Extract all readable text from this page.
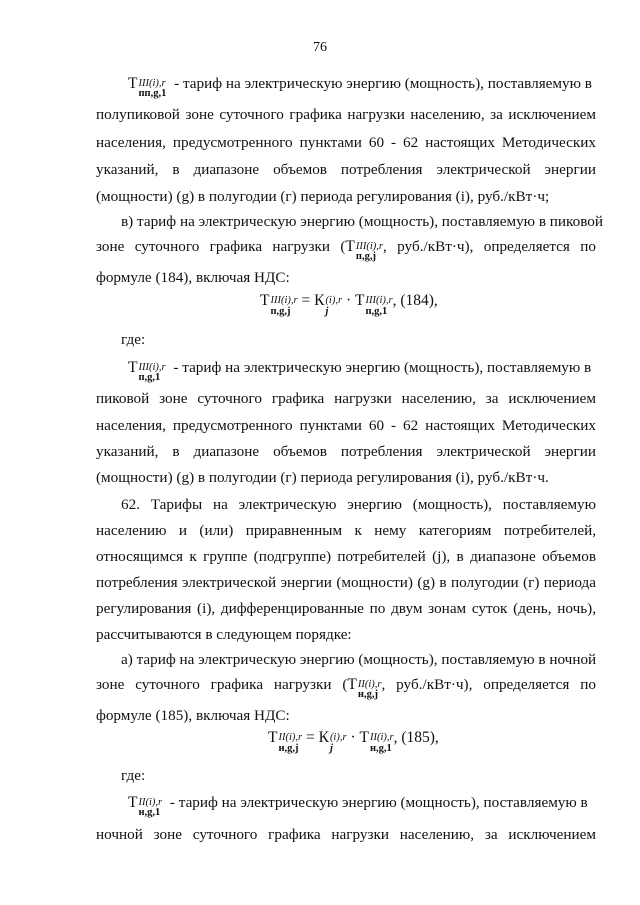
76
Т III(i),r
пп,g,1
- тариф на электрическую энергию (мощность), поставляемую в
полупиковой зоне суточного графика нагрузки населению, за исключением
населения, предусмотренного пунктами 60 - 62 настоящих Методических
указаний, в диапазоне объемов потребления электрической энергии
(мощности) (g) в полугодии (г) периода регулирования (i), руб./кВт·ч;
в) тариф на электрическую энергию (мощность), поставляемую в пиковой
зоне суточного графика нагрузки (Т III(i),r
п,g,j
, руб./кВт·ч), определяется по
формуле (184), включая НДС:
Т III(i),r
п,g,j
= К (i),r
j
· Т III(i),r
п,g,1
, (184),
где:
Т III(i),r
п,g,1
- тариф на электрическую энергию (мощность), поставляемую в
пиковой зоне суточного графика нагрузки населению, за исключением
населения, предусмотренного пунктами 60 - 62 настоящих Методических
указаний, в диапазоне объемов потребления электрической энергии
(мощности) (g) в полугодии (г) периода регулирования (i), руб./кВт·ч.
62. Тарифы на электрическую энергию (мощность), поставляемую
населению и (или) приравненным к нему категориям потребителей,
относящимся к группе (подгруппе) потребителей (j), в диапазоне объемов
потребления электрической энергии (мощности) (g) в полугодии (г) периода
регулирования (i), дифференцированные по двум зонам суток (день, ночь),
рассчитываются в следующем порядке:
а) тариф на электрическую энергию (мощность), поставляемую в ночной
зоне суточного графика нагрузки (Т II(i),r
н,g,j
, руб./кВт·ч), определяется по
формуле (185), включая НДС:
Т II(i),r
н,g,j
= К (i),r
j
· Т II(i),r
н,g,1
, (185),
где:
Т II(i),r
н,g,1
- тариф на электрическую энергию (мощность), поставляемую в
ночной зоне суточного графика нагрузки населению, за исключением
